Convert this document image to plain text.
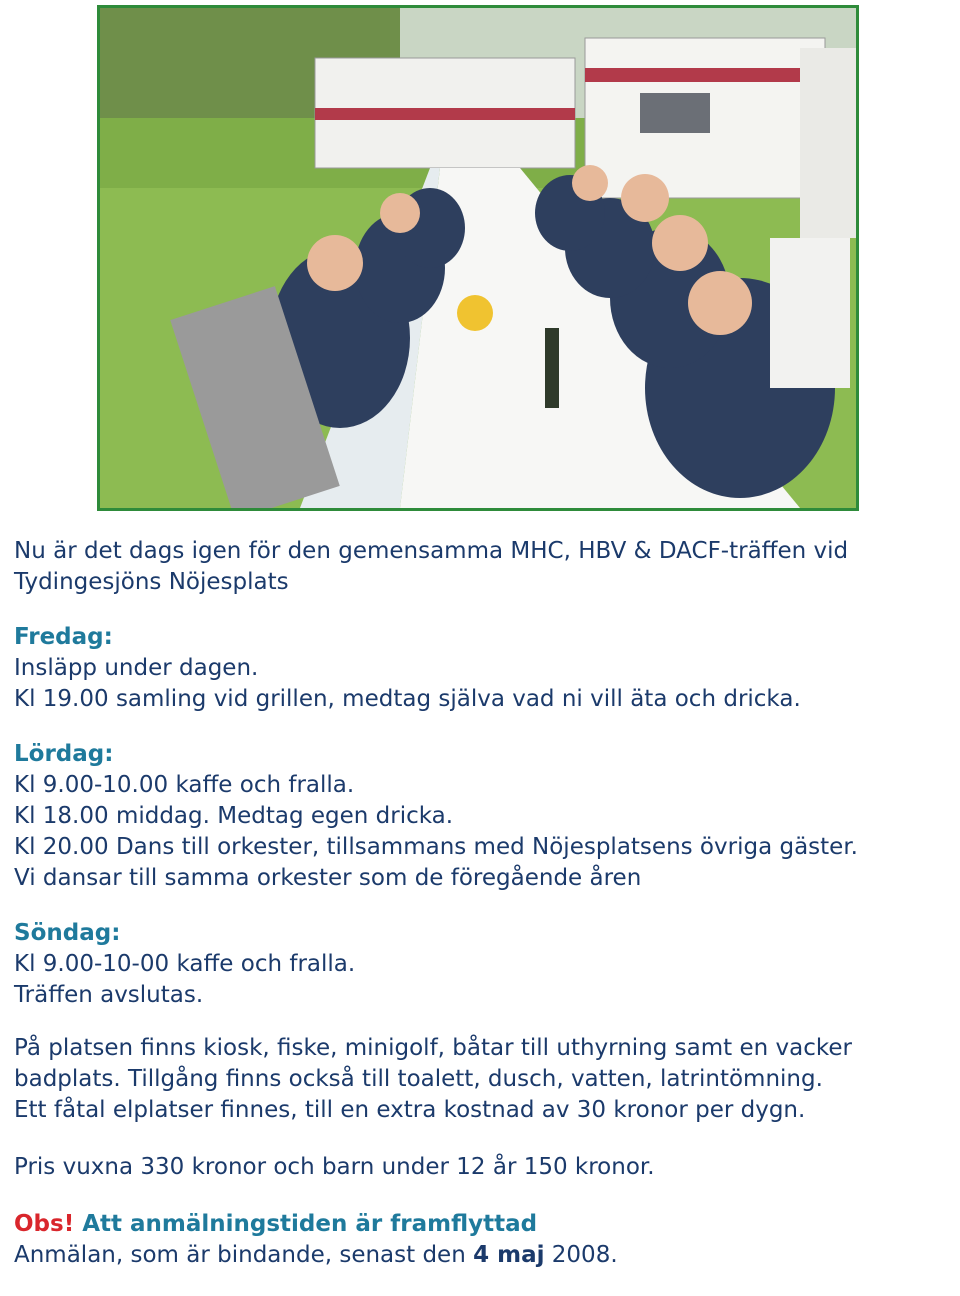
Nu är det dags igen för den gemensamma MHC, HBV & DACF-träffen vid
Tydingesjöns Nöjesplats
Fredag:
Insläpp under dagen.
Kl 19.00 samling vid grillen, medtag själva vad ni vill äta och dricka.
Lördag:
Kl 9.00-10.00 kaffe och fralla.
Kl 18.00 middag. Medtag egen dricka.
Kl 20.00 Dans till orkester, tillsammans med Nöjesplatsens övriga gäster.
Vi dansar till samma orkester som de föregående åren
Söndag:
Kl 9.00-10-00 kaffe och fralla.
Träffen avslutas.
På platsen finns kiosk, fiske, minigolf, båtar till uthyrning samt en vacker
badplats. Tillgång finns också till toalett, dusch, vatten, latrintömning.
Ett fåtal elplatser finnes, till en extra kostnad av 30 kronor per dygn.
Pris vuxna 330 kronor och barn under 12 år 150 kronor.
Obs! Att anmälningstiden är framflyttad
Anmälan, som är bindande, senast den 4 maj 2008.
